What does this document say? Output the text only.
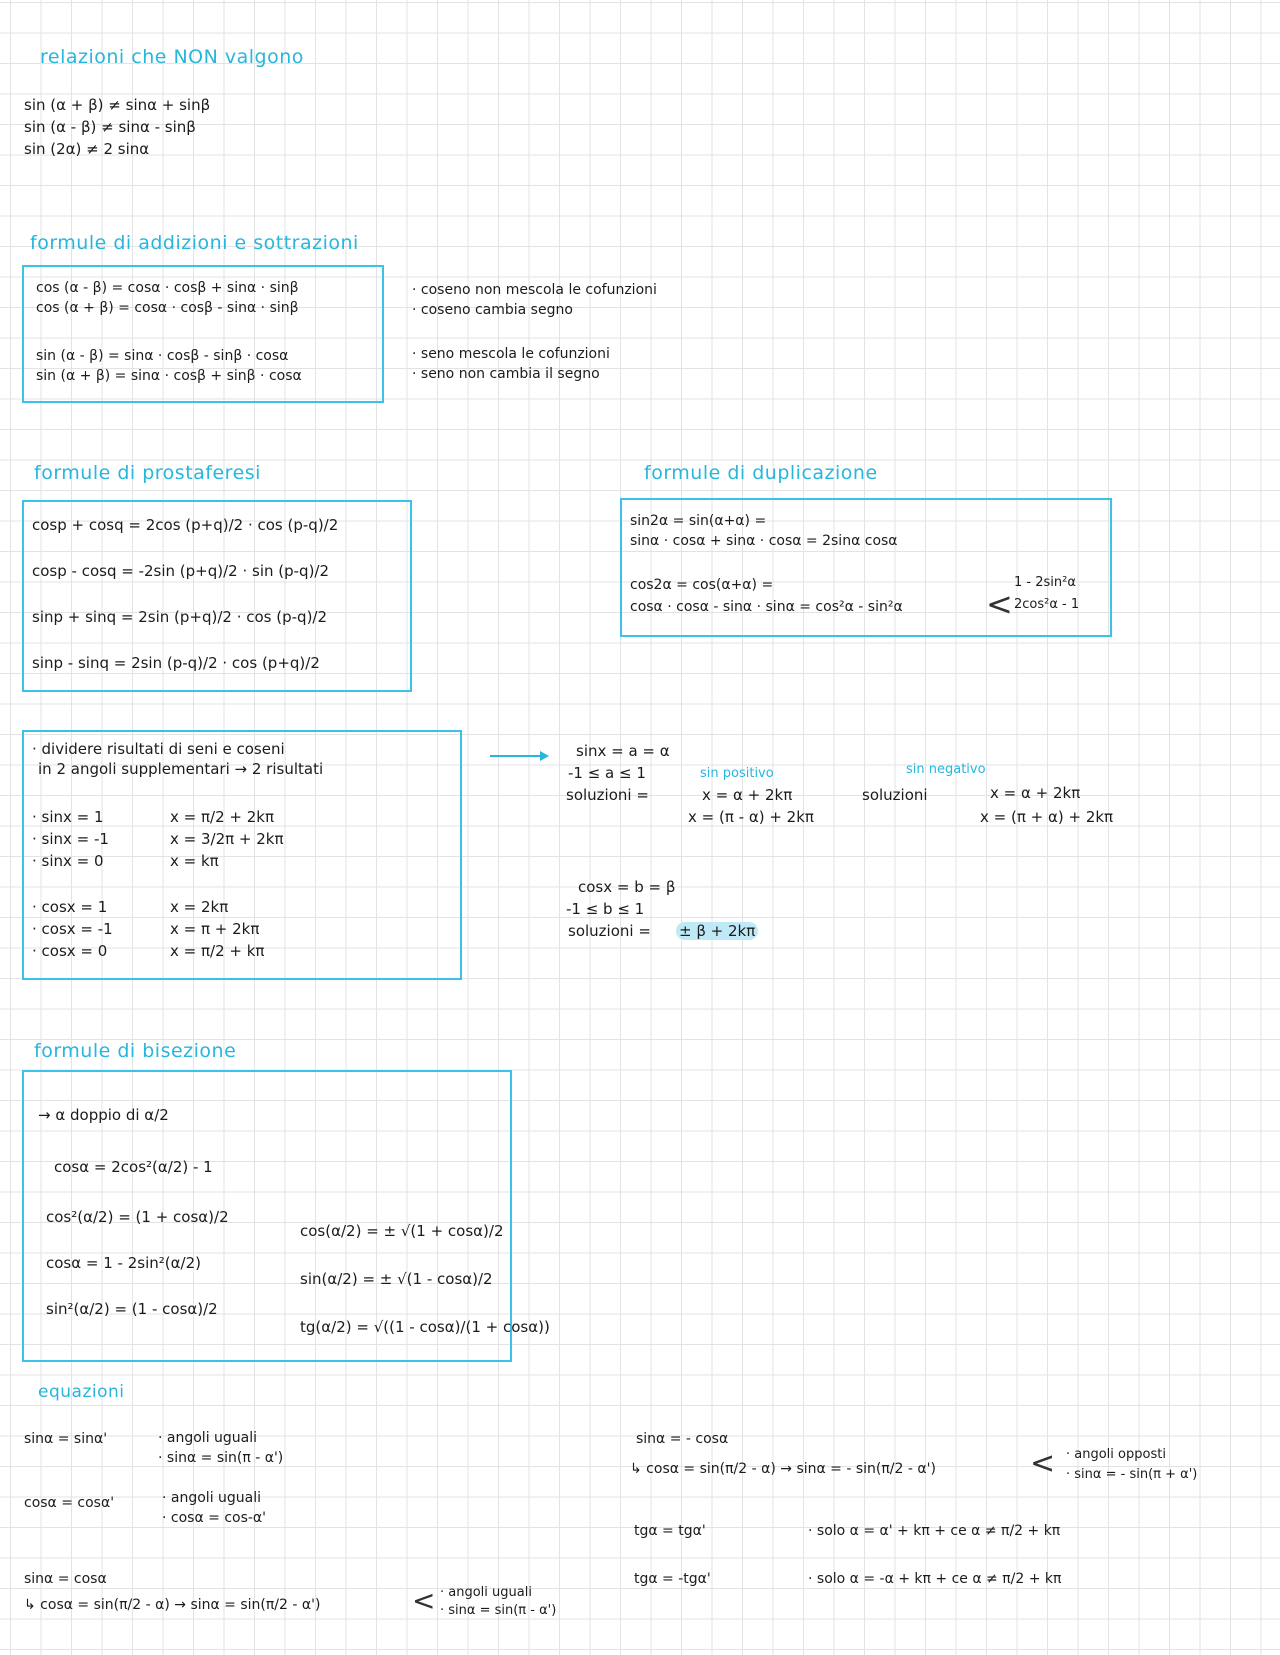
relazioni che NON valgono
sin (α + β) ≠ sinα + sinβ
sin (α - β) ≠ sinα - sinβ
sin (2α) ≠ 2 sinα
formule di addizioni e sottrazioni
cos (α - β) = cosα · cosβ + sinα · sinβ
cos (α + β) = cosα · cosβ - sinα · sinβ
sin (α - β) = sinα · cosβ - sinβ · cosα
sin (α + β) = sinα · cosβ + sinβ · cosα
· coseno non mescola le cofunzioni
· coseno cambia segno
· seno mescola le cofunzioni
· seno non cambia il segno
formule di prostaferesi
cosp + cosq = 2cos (p+q)/2 · cos (p-q)/2
cosp - cosq = -2sin (p+q)/2 · sin (p-q)/2
sinp + sinq = 2sin (p+q)/2 · cos (p-q)/2
sinp - sinq = 2sin (p-q)/2 · cos (p+q)/2
formule di duplicazione
sin2α = sin(α+α) =
sinα · cosα + sinα · cosα = 2sinα cosα
cos2α = cos(α+α) =
cosα · cosα - sinα · sinα = cos²α - sin²α	<
1 - 2sin²α
2cos²α - 1
· dividere risultati di seni e coseni
in 2 angoli supplementari → 2 risultati
· sinx = 1	x = π/2 + 2kπ
· sinx = -1	x = 3/2π + 2kπ
· sinx = 0	x = kπ
· cosx = 1	x = 2kπ
· cosx = -1	x = π + 2kπ
· cosx = 0	x = π/2 + kπ
sinx = a = α
-1 ≤ a ≤ 1
soluzioni =
sin positivo
x = α + 2kπ
x = (π - α) + 2kπ
sin negativo
soluzioni	x = α + 2kπ
x = (π + α) + 2kπ
cosx = b = β
-1 ≤ b ≤ 1
soluzioni = ± β + 2kπ
formule di bisezione
→ α doppio di α/2
cosα = 2cos²(α/2) - 1
cos²(α/2) = (1 + cosα)/2
cosα = 1 - 2sin²(α/2)
sin²(α/2) = (1 - cosα)/2
cos(α/2) = ± √(1 + cosα)/2
sin(α/2) = ± √(1 - cosα)/2
tg(α/2) = √((1 - cosα)/(1 + cosα))
equazioni
sinα = sinα'	· angoli uguali
· sinα = sin(π - α')
cosα = cosα'	· angoli uguali
· cosα = cos-α'
sinα = cosα
↳ cosα = sin(π/2 - α) → sinα = sin(π/2 - α')	< · angoli uguali
· sinα = sin(π - α')
sinα = - cosα
↳ cosα = sin(π/2 - α) → sinα = - sin(π/2 - α')	< · angoli opposti
· sinα = - sin(π + α')
tgα = tgα'	· solo α = α' + kπ + ce α ≠ π/2 + kπ
tgα = -tgα'	· solo α = -α + kπ + ce α ≠ π/2 + kπ
